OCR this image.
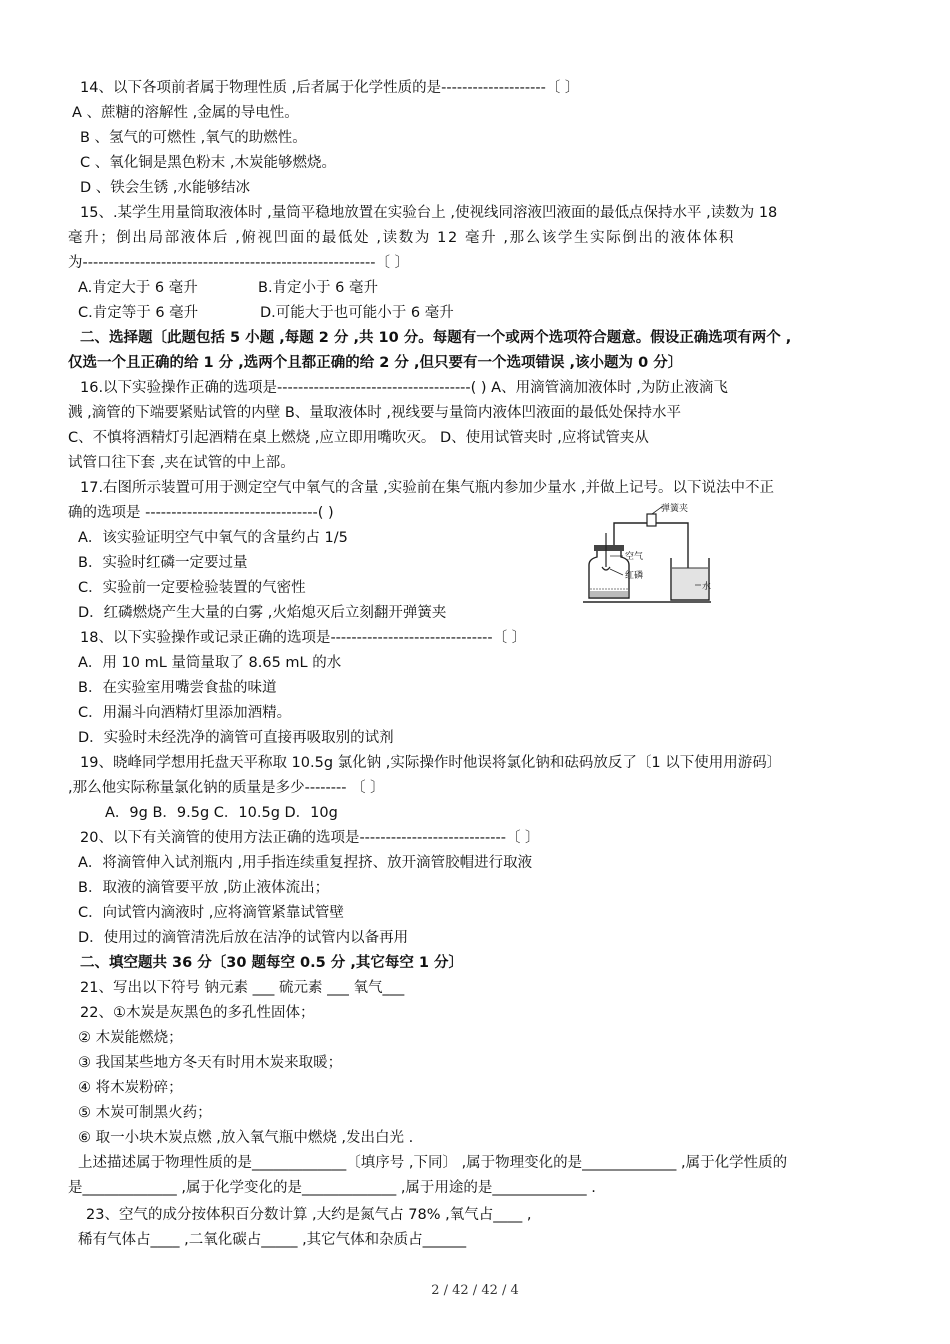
14、以下各项前者属于物理性质 ,后者属于化学性质的是--------------------〔 〕
A 、蔗糖的溶解性 ,金属的导电性。
B 、氢气的可燃性 ,氧气的助燃性。
C 、氧化铜是黑色粉末 ,木炭能够燃烧。
D 、铁会生锈 ,水能够结冰
15、.某学生用量筒取液体时 ,量筒平稳地放置在实验台上 ,使视线同溶液凹液面的最低点保持水平 ,读数为 18
毫升；倒出局部液体后 ,俯视凹面的最低处 ,读数为 12 毫升 ,那么该学生实际倒出的液体体积
为--------------------------------------------------------〔 〕
A.肯定大于 6 毫升	B.肯定小于 6 毫升
C.肯定等于 6 毫升	D.可能大于也可能小于 6 毫升
二、选择题〔此题包括 5 小题 ,每题 2 分 ,共 10 分。每题有一个或两个选项符合题意。假设正确选项有两个 ,
仅选一个且正确的给 1 分 ,选两个且都正确的给 2 分 ,但只要有一个选项错误 ,该小题为 0 分〕
16.以下实验操作正确的选项是-------------------------------------( ) A、用滴管滴加液体时 ,为防止液滴飞
溅 ,滴管的下端要紧贴试管的内壁 B、量取液体时 ,视线要与量筒内液体凹液面的最低处保持水平
C、不慎将酒精灯引起酒精在桌上燃烧 ,应立即用嘴吹灭。 D、使用试管夹时 ,应将试管夹从
试管口往下套 ,夹在试管的中上部。
17.右图所示装置可用于测定空气中氧气的含量 ,实验前在集气瓶内参加少量水 ,并做上记号。以下说法中不正
确的选项是 ---------------------------------( )
A．该实验证明空气中氧气的含量约占 1/5
B．实验时红磷一定要过量
C．实验前一定要检验装置的气密性
D．红磷燃烧产生大量的白雾 ,火焰熄灭后立刻翻开弹簧夹
弹簧夹
空气
红磷
水
18、以下实验操作或记录正确的选项是-------------------------------〔 〕
A．用 10 mL 量筒量取了 8.65 mL 的水
B．在实验室用嘴尝食盐的味道
C．用漏斗向酒精灯里添加酒精。
D．实验时未经洗净的滴管可直接再吸取别的试剂
19、晓峰同学想用托盘天平称取 10.5g 氯化钠 ,实际操作时他误将氯化钠和砝码放反了〔1 以下使用用游码〕
,那么他实际称量氯化钠的质量是多少-------- 〔 〕
A．9g B．9.5g C．10.5g D．10g
20、以下有关滴管的使用方法正确的选项是----------------------------〔 〕
A．将滴管伸入试剂瓶内 ,用手指连续重复捏挤、放开滴管胶帽进行取液
B．取液的滴管要平放 ,防止液体流出；
C．向试管内滴液时 ,应将滴管紧靠试管壁
D．使用过的滴管清洗后放在洁净的试管内以备再用
二、填空题共 36 分〔30 题每空 0.5 分 ,其它每空 1 分〕
21、写出以下符号 钠元素 ___ 硫元素 ___ 氧气___
22、①木炭是灰黑色的多孔性固体；
② 木炭能燃烧；
③ 我国某些地方冬天有时用木炭来取暖；
④ 将木炭粉碎；
⑤ 木炭可制黑火药；
⑥ 取一小块木炭点燃 ,放入氧气瓶中燃烧 ,发出白光 .
上述描述属于物理性质的是_____________〔填序号 ,下同〕 ,属于物理变化的是_____________ ,属于化学性质的
是_____________ ,属于化学变化的是_____________ ,属于用途的是_____________ .
23、空气的成分按体积百分数计算 ,大约是氮气占 78% ,氧气占____ ,
稀有气体占____ ,二氧化碳占_____ ,其它气体和杂质占______
2 / 42 / 42 / 4
